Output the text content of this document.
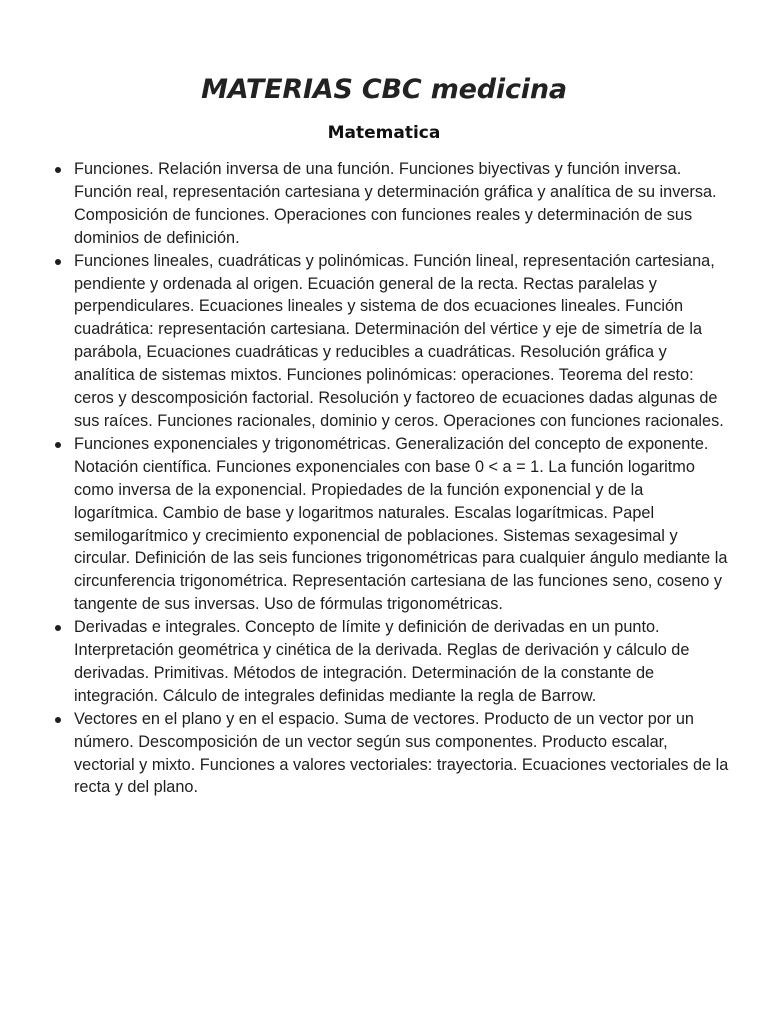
MATERIAS CBC medicina
Matematica
Funciones. Relación inversa de una función. Funciones biyectivas y función inversa. Función real, representación cartesiana y determinación gráfica y analítica de su inversa. Composición de funciones. Operaciones con funciones reales y determinación de sus dominios de definición.
Funciones lineales, cuadráticas y polinómicas. Función lineal, representación cartesiana, pendiente y ordenada al origen. Ecuación general de la recta. Rectas paralelas y perpendiculares. Ecuaciones lineales y sistema de dos ecuaciones lineales. Función cuadrática: representación cartesiana. Determinación del vértice y eje de simetría de la parábola, Ecuaciones cuadráticas y reducibles a cuadráticas. Resolución gráfica y analítica de sistemas mixtos. Funciones polinómicas: operaciones. Teorema del resto: ceros y descomposición factorial. Resolución y factoreo de ecuaciones dadas algunas de sus raíces. Funciones racionales, dominio y ceros. Operaciones con funciones racionales.
Funciones exponenciales y trigonométricas. Generalización del concepto de exponente. Notación científica. Funciones exponenciales con base 0 < a = 1. La función logaritmo como inversa de la exponencial. Propiedades de la función exponencial y de la logarítmica. Cambio de base y logaritmos naturales. Escalas logarítmicas. Papel semilogarítmico y crecimiento exponencial de poblaciones. Sistemas sexagesimal y circular. Definición de las seis funciones trigonométricas para cualquier ángulo mediante la circunferencia trigonométrica. Representación cartesiana de las funciones seno, coseno y tangente de sus inversas. Uso de fórmulas trigonométricas.
Derivadas e integrales. Concepto de límite y definición de derivadas en un punto. Interpretación geométrica y cinética de la derivada. Reglas de derivación y cálculo de derivadas. Primitivas. Métodos de integración. Determinación de la constante de integración. Cálculo de integrales definidas mediante la regla de Barrow.
Vectores en el plano y en el espacio. Suma de vectores. Producto de un vector por un número. Descomposición de un vector según sus componentes. Producto escalar, vectorial y mixto. Funciones a valores vectoriales: trayectoria. Ecuaciones vectoriales de la recta y del plano.
